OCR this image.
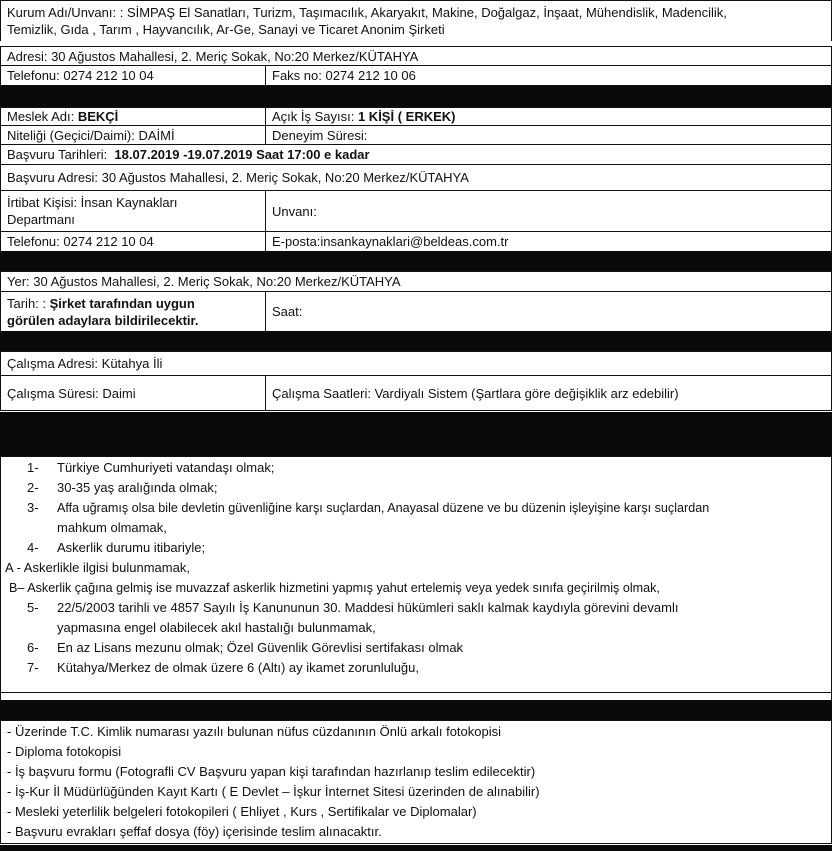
Kurum Adı/Unvanı: : SİMPAŞ El Sanatları, Turizm, Taşımacılık, Akaryakıt, Makine, Doğalgaz, İnşaat, Mühendislik, Madencilik,
Temizlik, Gıda , Tarım , Hayvancılık, Ar-Ge, Sanayi ve Ticaret Anonim Şirketi
Adresi: 30 Ağustos Mahallesi, 2. Meriç Sokak, No:20 Merkez/KÜTAHYA
Telefonu: 0274 212 10 04	Faks no: 0274 212 10 06
Meslek Adı: BEKÇİ	Açık İş Sayısı: 1 KİŞİ ( ERKEK)
Niteliği (Geçici/Daimi): DAİMİ	Deneyim Süresi:
Başvuru Tarihleri: 18.07.2019 -19.07.2019 Saat 17:00 e kadar
Başvuru Adresi: 30 Ağustos Mahallesi, 2. Meriç Sokak, No:20 Merkez/KÜTAHYA
İrtibat Kişisi: İnsan Kaynakları
Departmanı
Unvanı:
Telefonu: 0274 212 10 04	E-posta:insankaynaklari@beldeas.com.tr
Yer: 30 Ağustos Mahallesi, 2. Meriç Sokak, No:20 Merkez/KÜTAHYA
Tarih: : Şirket tarafından uygun
görülen adaylara bildirilecektir.
Saat:
Çalışma Adresi: Kütahya İli
Çalışma Süresi: Daimi	Çalışma Saatleri: Vardiyalı Sistem (Şartlara göre değişiklik arz edebilir)
1- Türkiye Cumhuriyeti vatandaşı olmak;
2- 30-35 yaş aralığında olmak;
3- Affa uğramış olsa bile devletin güvenliğine karşı suçlardan, Anayasal düzene ve bu düzenin işleyişine karşı suçlardan
mahkum olmamak,
4- Askerlik durumu itibariyle;
A - Askerlikle ilgisi bulunmamak,
B– Askerlik çağına gelmiş ise muvazzaf askerlik hizmetini yapmış yahut ertelemiş veya yedek sınıfa geçirilmiş olmak,
5- 22/5/2003 tarihli ve 4857 Sayılı İş Kanununun 30. Maddesi hükümleri saklı kalmak kaydıyla görevini devamlı
yapmasına engel olabilecek akıl hastalığı bulunmamak,
6- En az Lisans mezunu olmak; Özel Güvenlik Görevlisi sertifakası olmak
7- Kütahya/Merkez de olmak üzere 6 (Altı) ay ikamet zorunluluğu,
- Üzerinde T.C. Kimlik numarası yazılı bulunan nüfus cüzdanının Önlü arkalı fotokopisi
- Diploma fotokopisi
- İş başvuru formu (Fotografli CV Başvuru yapan kişi tarafından hazırlanıp teslim edilecektir)
- İş-Kur İl Müdürlüğünden Kayıt Kartı ( E Devlet – İşkur İnternet Sitesi üzerinden de alınabilir)
- Mesleki yeterlilik belgeleri fotokopileri ( Ehliyet , Kurs , Sertifikalar ve Diplomalar)
- Başvuru evrakları şeffaf dosya (föy) içerisinde teslim alınacaktır.
